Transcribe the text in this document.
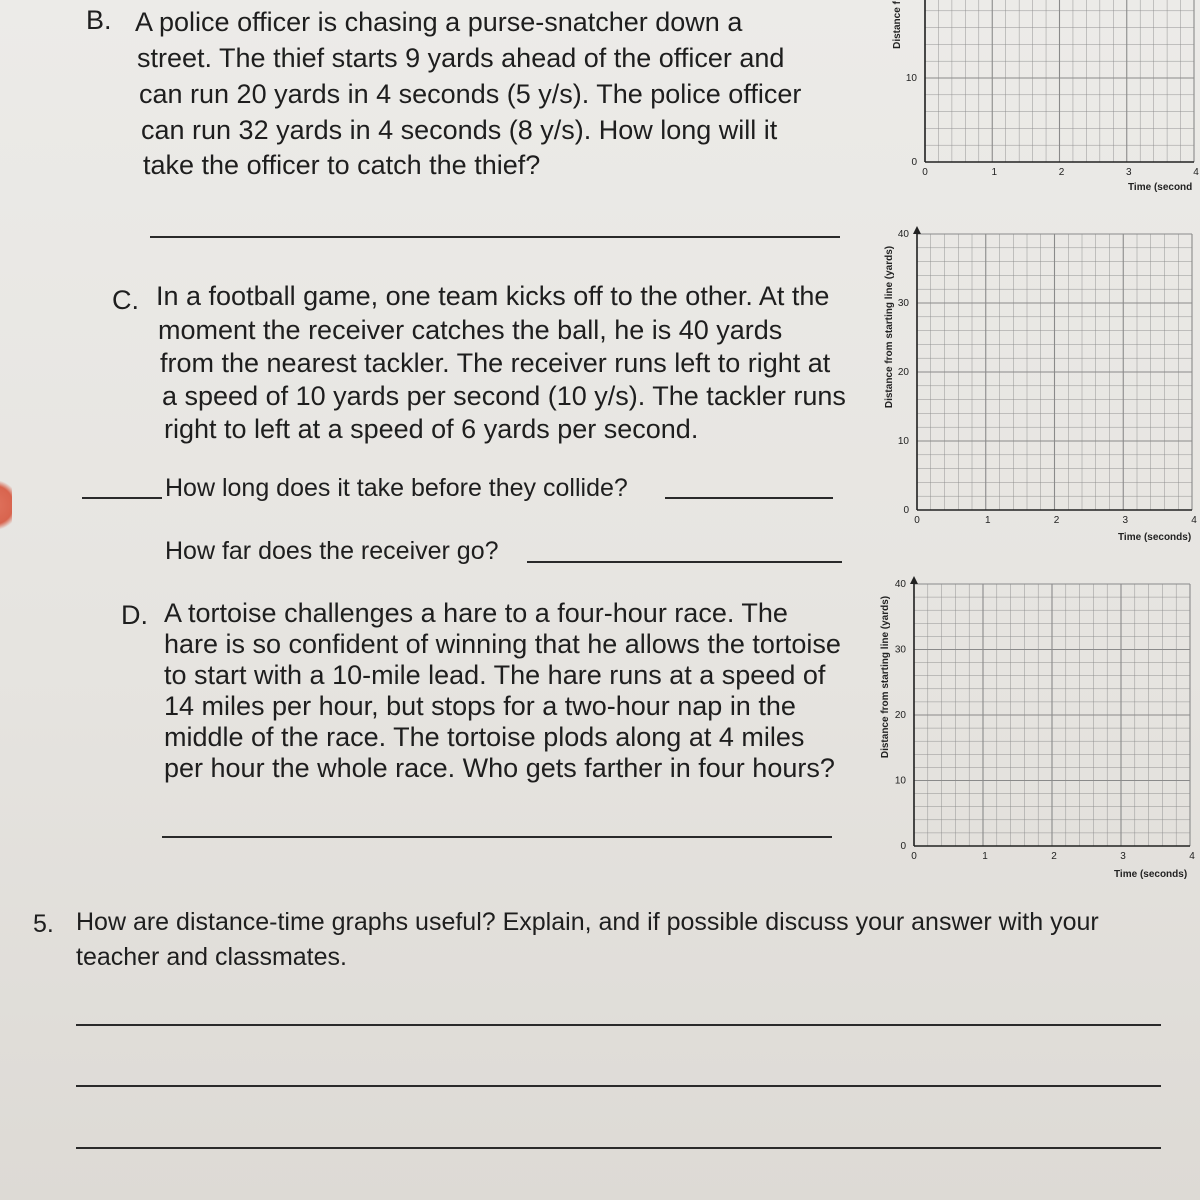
B. A police officer is chasing a purse-snatcher down a
street. The thief starts 9 yards ahead of the officer and
can run 20 yards in 4 seconds (5 y/s). The police officer
can run 32 yards in 4 seconds (8 y/s). How long will it
take the officer to catch the thief?
C. In a football game, one team kicks off to the other. At the
moment the receiver catches the ball, he is 40 yards
from the nearest tackler. The receiver runs left to right at
a speed of 10 yards per second (10 y/s). The tackler runs
right to left at a speed of 6 yards per second.
How long does it take before they collide?
How far does the receiver go?
D. A tortoise challenges a hare to a four-hour race. The
hare is so confident of winning that he allows the tortoise
to start with a 10-mile lead. The hare runs at a speed of
14 miles per hour, but stops for a two-hour nap in the
middle of the race. The tortoise plods along at 4 miles
per hour the whole race. Who gets farther in four hours?
5. How are distance-time graphs useful? Explain, and if possible discuss your answer with your
teacher and classmates.
0	1	2	3	4
0
10
Time (second
Distance f
0	1	2	3	4
0
10
20
30
40
Time (seconds)
Distance from starting line (yards)
0	1	2	3	4
0
10
20
30
40
Time (seconds)
Distance from starting line (yards)
